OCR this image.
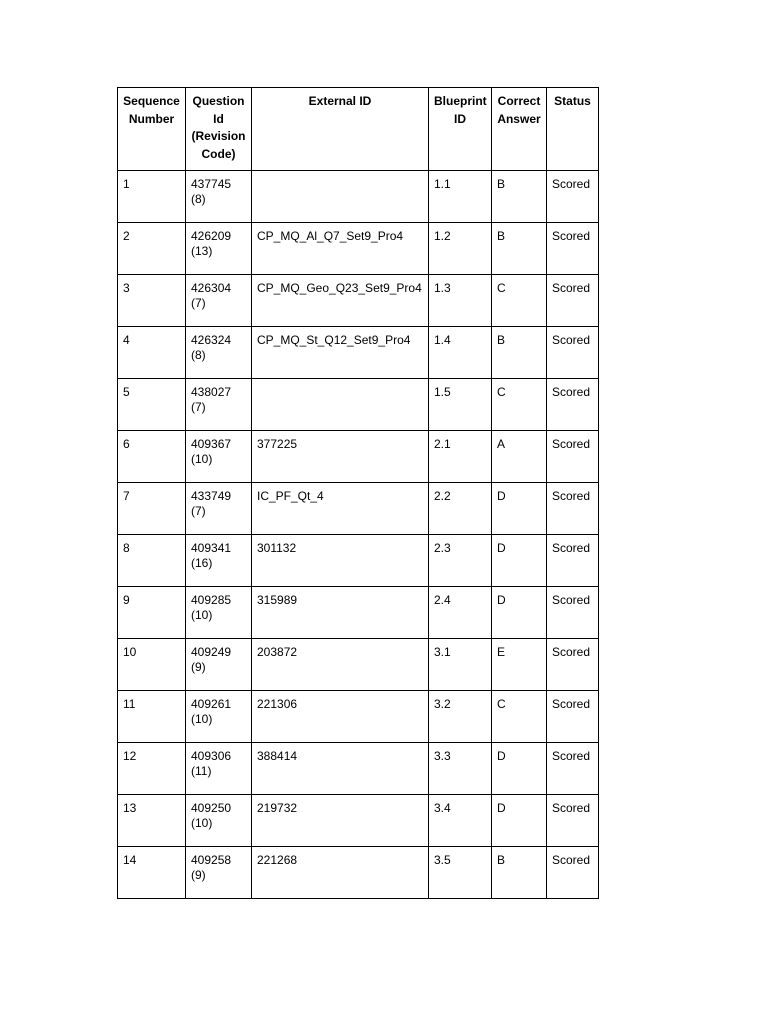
Sequence
Number	Question
Id
(Revision
Code)	External ID	Blueprint
ID	Correct
Answer	Status

1	437745
(8)		1.1	B	Scored
2	426209
(13)	CP_MQ_Al_Q7_Set9_Pro4	1.2	B	Scored
3	426304
(7)	CP_MQ_Geo_Q23_Set9_Pro4	1.3	C	Scored
4	426324
(8)	CP_MQ_St_Q12_Set9_Pro4	1.4	B	Scored
5	438027
(7)		1.5	C	Scored
6	409367
(10)	377225	2.1	A	Scored
7	433749
(7)	IC_PF_Qt_4	2.2	D	Scored
8	409341
(16)	301132	2.3	D	Scored
9	409285
(10)	315989	2.4	D	Scored
10	409249
(9)	203872	3.1	E	Scored
11	409261
(10)	221306	3.2	C	Scored
12	409306
(11)	388414	3.3	D	Scored
13	409250
(10)	219732	3.4	D	Scored
14	409258
(9)	221268	3.5	B	Scored
